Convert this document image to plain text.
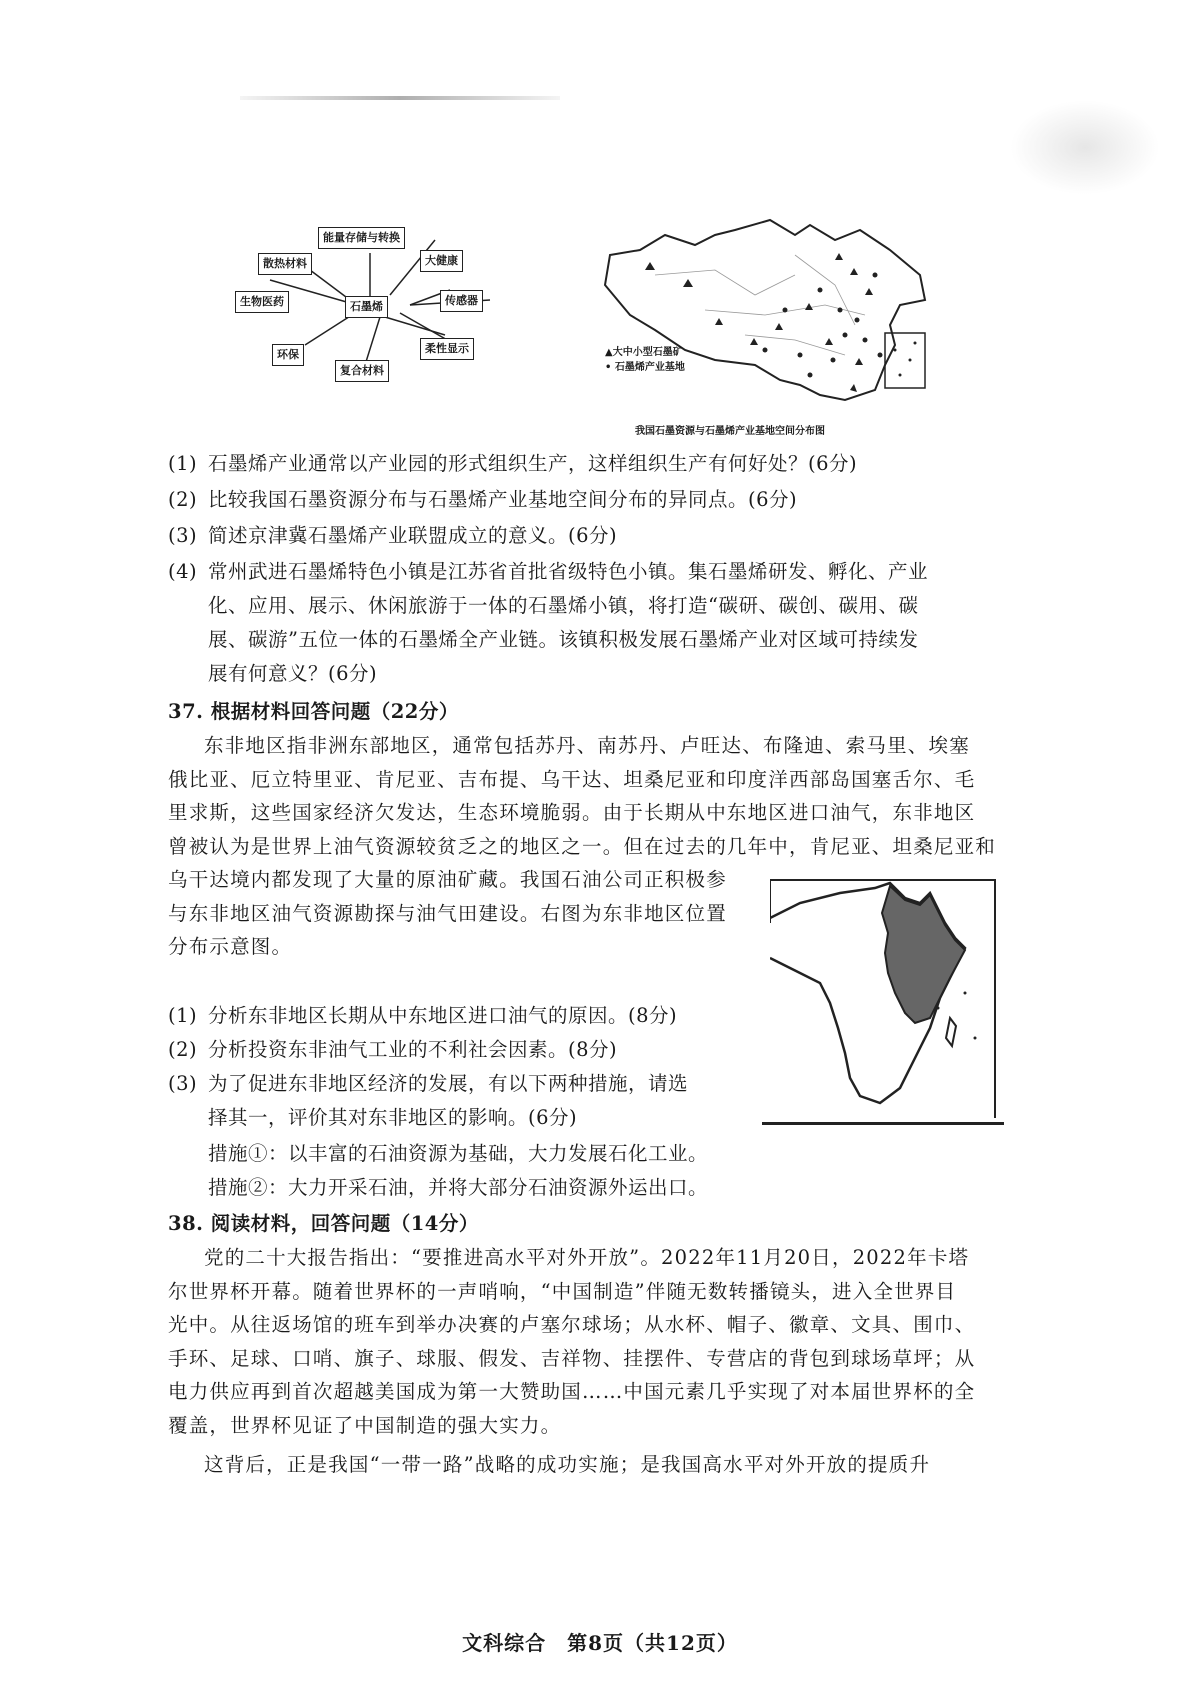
石墨烯
能量存储与转换
大健康
传感器
柔性显示
复合材料
环保
生物医药
散热材料
▲大中小型石墨矿
• 石墨烯产业基地
我国石墨资源与石墨烯产业基地空间分布图
(1) 石墨烯产业通常以产业园的形式组织生产，这样组织生产有何好处？(6分)
(2) 比较我国石墨资源分布与石墨烯产业基地空间分布的异同点。(6分)
(3) 简述京津冀石墨烯产业联盟成立的意义。(6分)
(4) 常州武进石墨烯特色小镇是江苏省首批省级特色小镇。集石墨烯研发、孵化、产业
化、应用、展示、休闲旅游于一体的石墨烯小镇，将打造“碳研、碳创、碳用、碳
展、碳游”五位一体的石墨烯全产业链。该镇积极发展石墨烯产业对区域可持续发
展有何意义？(6分)
37. 根据材料回答问题（22分）
东非地区指非洲东部地区，通常包括苏丹、南苏丹、卢旺达、布隆迪、索马里、埃塞
俄比亚、厄立特里亚、肯尼亚、吉布提、乌干达、坦桑尼亚和印度洋西部岛国塞舌尔、毛
里求斯，这些国家经济欠发达，生态环境脆弱。由于长期从中东地区进口油气，东非地区
曾被认为是世界上油气资源较贫乏之的地区之一。但在过去的几年中，肯尼亚、坦桑尼亚和
乌干达境内都发现了大量的原油矿藏。我国石油公司正积极参
与东非地区油气资源勘探与油气田建设。右图为东非地区位置
分布示意图。
(1) 分析东非地区长期从中东地区进口油气的原因。(8分)
(2) 分析投资东非油气工业的不利社会因素。(8分)
(3) 为了促进东非地区经济的发展，有以下两种措施，请选
择其一，评价其对东非地区的影响。(6分)
措施①：以丰富的石油资源为基础，大力发展石化工业。
措施②：大力开采石油，并将大部分石油资源外运出口。
38. 阅读材料，回答问题（14分）
党的二十大报告指出：“要推进高水平对外开放”。2022年11月20日，2022年卡塔
尔世界杯开幕。随着世界杯的一声哨响，“中国制造”伴随无数转播镜头，进入全世界目
光中。从往返场馆的班车到举办决赛的卢塞尔球场；从水杯、帽子、徽章、文具、围巾、
手环、足球、口哨、旗子、球服、假发、吉祥物、挂摆件、专营店的背包到球场草坪；从
电力供应再到首次超越美国成为第一大赞助国……中国元素几乎实现了对本届世界杯的全
覆盖，世界杯见证了中国制造的强大实力。
这背后，正是我国“一带一路”战略的成功实施；是我国高水平对外开放的提质升
文科综合　第8页（共12页）
